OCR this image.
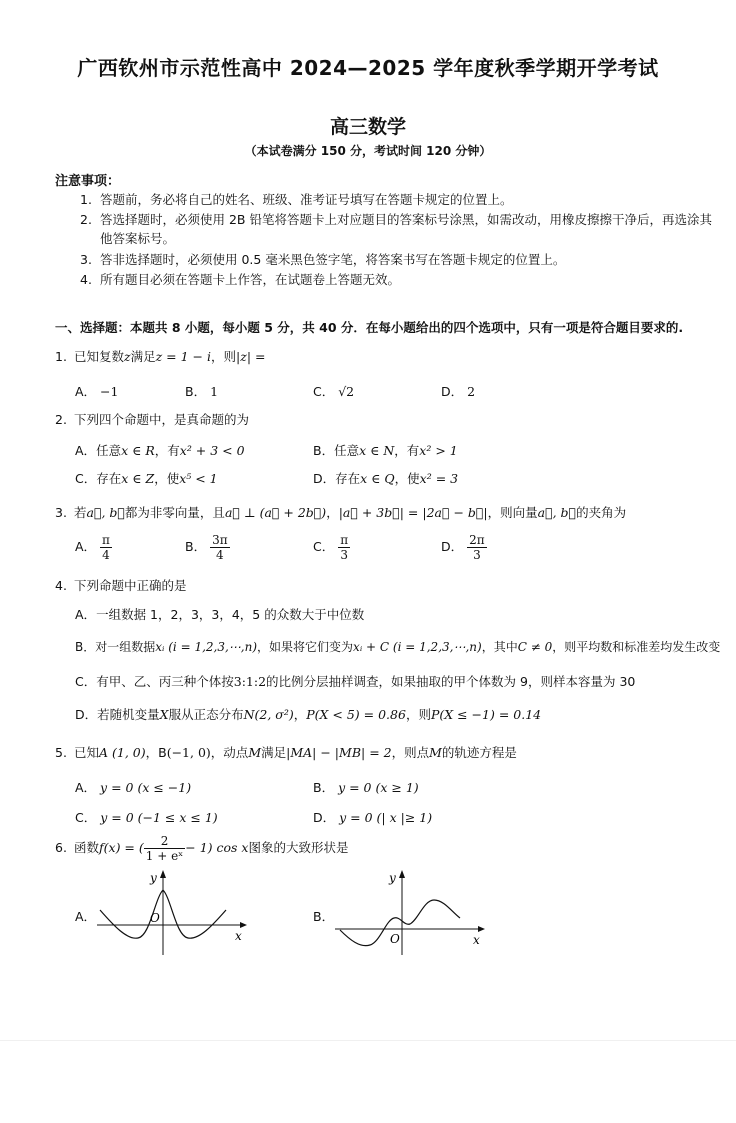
广西钦州市示范性高中 2024—2025 学年度秋季学期开学考试
高三数学
（本试卷满分 150 分，考试时间 120 分钟）
注意事项：
1. 答题前，务必将自己的姓名、班级、准考证号填写在答题卡规定的位置上。
2. 答选择题时，必须使用 2B 铅笔将答题卡上对应题目的答案标号涂黑，如需改动，用橡皮擦擦干净后，再选涂其
他答案标号。
3. 答非选择题时，必须使用 0.5 毫米黑色签字笔，将答案书写在答题卡规定的位置上。
4. 所有题目必须在答题卡上作答，在试题卷上答题无效。
一、选择题：本题共 8 小题，每小题 5 分，共 40 分．在每小题给出的四个选项中，只有一项是符合题目要求的.
1. 已知复数z满足z = 1 − i，则|z| =
A． −1	B． 1	C． √2	D． 2
2. 下列四个命题中，是真命题的为
A．任意x ∈ R，有x² + 3 < 0	B．任意x ∈ N，有x² > 1
C．存在x ∈ Z，使x⁵ < 1	D．存在x ∈ Q，使x² = 3
3. 若a⃗, b⃗都为非零向量，且a⃗ ⊥ (a⃗ + 2b⃗)，|a⃗ + 3b⃗| = |2a⃗ − b⃗|，则向量a⃗, b⃗的夹角为
A． $\frac{\pi}{4}$	B． $\frac{3\pi}{4}$	C． $\frac{\pi}{3}$	D． $\frac{2\pi}{3}$
4. 下列命题中正确的是
A．一组数据 1，2，3，3，4，5 的众数大于中位数
B．对一组数据xᵢ (i = 1,2,3,⋯,n)，如果将它们变为xᵢ + C (i = 1,2,3,⋯,n)，其中C ≠ 0，则平均数和标准差均发生改变
C．有甲、乙、丙三种个体按3:1:2的比例分层抽样调查，如果抽取的甲个体数为 9，则样本容量为 30
D．若随机变量X服从正态分布N(2, σ²)，P(X < 5) = 0.86，则P(X ≤ −1) = 0.14
5. 已知A (1, 0)，B(−1, 0)，动点M满足|MA| − |MB| = 2，则点M的轨迹方程是
A． y = 0 (x ≤ −1)	B． y = 0 (x ≥ 1)
C． y = 0 (−1 ≤ x ≤ 1)	D． y = 0 (| x |≥ 1)
6. 函数f(x) = ( $\frac{2}{\text{1 + eˣ}} - 1$) cos x图象的大致形状是
A．
x
y
O	B．
x
y
O
